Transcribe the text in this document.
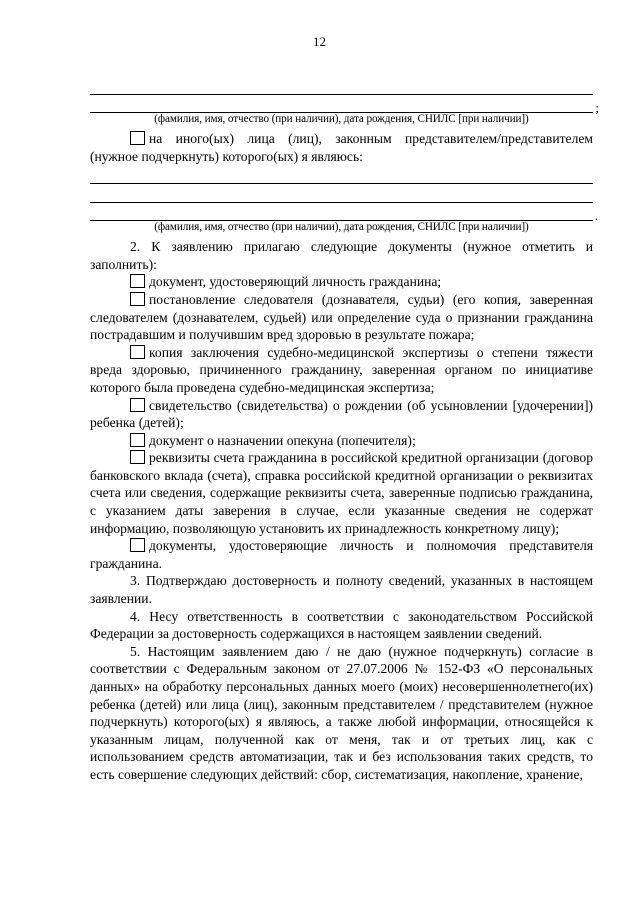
12
;
(фамилия, имя, отчество (при наличии), дата рождения, СНИЛС [при наличии])

на иного(ых) лица (лиц), законным представителем/представителем (нужное подчеркнуть) которого(ых) я являюсь:

.
(фамилия, имя, отчество (при наличии), дата рождения, СНИЛС [при наличии])

2. К заявлению прилагаю следующие документы (нужное отметить и заполнить):

документ, удостоверяющий личность гражданина;

постановление следователя (дознавателя, судьи) (его копия, заверенная следователем (дознавателем, судьей) или определение суда о признании гражданина пострадавшим и получившим вред здоровью в результате пожара;

копия заключения судебно-медицинской экспертизы о степени тяжести вреда здоровью, причиненного гражданину, заверенная органом по инициативе которого была проведена судебно-медицинская экспертиза;

свидетельство (свидетельства) о рождении (об усыновлении [удочерении]) ребенка (детей);

документ о назначении опекуна (попечителя);

реквизиты счета гражданина в российской кредитной организации (договор банковского вклада (счета), справка российской кредитной организации о реквизитах счета или сведения, содержащие реквизиты счета, заверенные подписью гражданина, с указанием даты заверения в случае, если указанные сведения не содержат информацию, позволяющую установить их принадлежность конкретному лицу);

документы, удостоверяющие личность и полномочия представителя гражданина.

3. Подтверждаю достоверность и полноту сведений, указанных в настоящем заявлении.

4. Несу ответственность в соответствии с законодательством Российской Федерации за достоверность содержащихся в настоящем заявлении сведений.

5. Настоящим заявлением даю / не даю (нужное подчеркнуть) согласие в соответствии с Федеральным законом от 27.07.2006 № 152-ФЗ «О персональных данных» на обработку персональных данных моего (моих) несовершеннолетнего(их) ребенка (детей) или лица (лиц), законным представителем / представителем (нужное подчеркнуть) которого(ых) я являюсь, а также любой информации, относящейся к указанным лицам, полученной как от меня, так и от третьих лиц, как с использованием средств автоматизации, так и без использования таких средств, то есть совершение следующих действий: сбор, систематизация, накопление, хранение,
